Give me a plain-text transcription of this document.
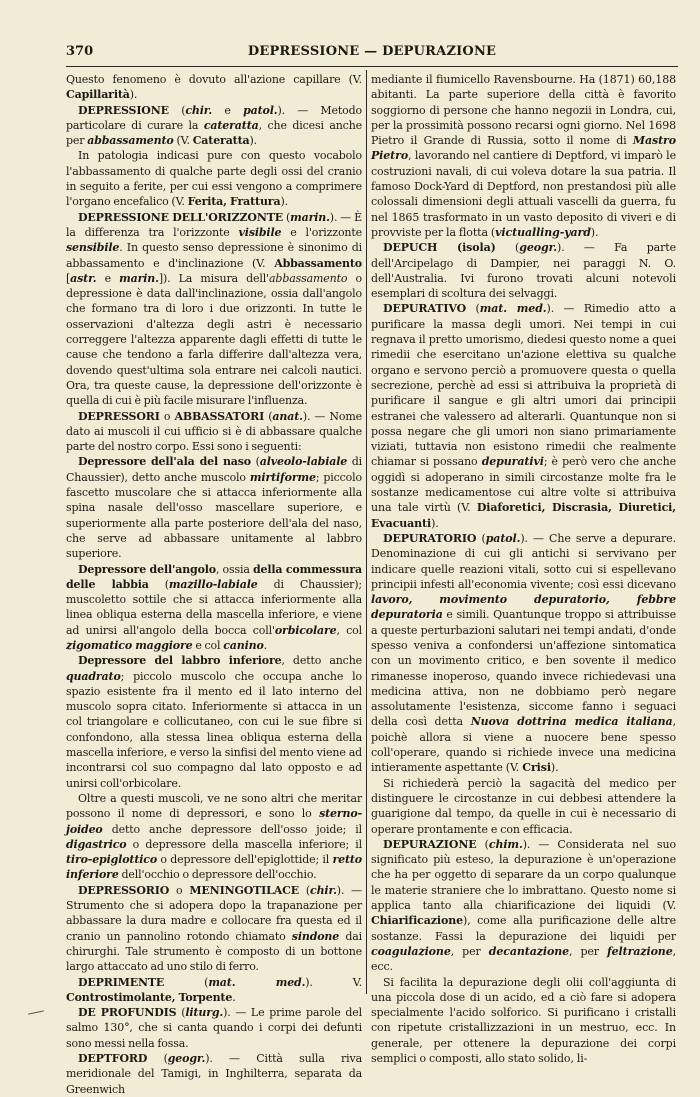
370	DEPRESSIONE — DEPURAZIONE

Questo fenomeno è dovuto all'azione capillare (V. Capillarità).

DEPRESSIONE (chir. e patol.). — Metodo particolare di curare la cateratta, che dicesi anche per abbassamento (V. Cateratta).

In patologia indicasi pure con questo vocabolo l'abbassamento di qualche parte degli ossi del cranio in seguito a ferite, per cui essi vengono a comprimere l'organo encefalico (V. Ferita, Frattura).

DEPRESSIONE DELL'ORIZZONTE (marin.). — È la differenza tra l'orizzonte visibile e l'orizzonte sensibile. In questo senso depressione è sinonimo di abbassamento e d'inclinazione (V. Abbassamento [astr. e marin.]). La misura dell'abbassamento o depressione è data dall'inclinazione, ossia dall'angolo che formano tra di loro i due orizzonti. In tutte le osservazioni d'altezza degli astri è necessario correggere l'altezza apparente dagli effetti di tutte le cause che tendono a farla differire dall'altezza vera, dovendo quest'ultima sola entrare nei calcoli nautici. Ora, tra queste cause, la depressione dell'orizzonte è quella di cui è più facile misurare l'influenza.

DEPRESSORI o ABBASSATORI (anat.). — Nome dato ai muscoli il cui ufficio si è di abbassare qualche parte del nostro corpo. Essi sono i seguenti:

Depressore dell'ala del naso (alveolo-labiale di Chaussier), detto anche muscolo mirtiforme; piccolo fascetto muscolare che si attacca inferiormente alla spina nasale dell'osso mascellare superiore, e superiormente alla parte posteriore dell'ala del naso, che serve ad abbassare unitamente al labbro superiore.

Depressore dell'angolo, ossia della commessura delle labbia (mazillo-labiale di Chaussier); muscoletto sottile che si attacca inferiormente alla linea obliqua esterna della mascella inferiore, e viene ad unirsi all'angolo della bocca coll'orbicolare, col zigomatico maggiore e col canino.

Depressore del labbro inferiore, detto anche quadrato; piccolo muscolo che occupa anche lo spazio esistente fra il mento ed il lato interno del muscolo sopra citato. Inferiormente si attacca in un col triangolare e collicutaneo, con cui le sue fibre si confondono, alla stessa linea obliqua esterna della mascella inferiore, e verso la sinfisi del mento viene ad incontrarsi col suo compagno dal lato opposto e ad unirsi coll'orbicolare.

Oltre a questi muscoli, ve ne sono altri che meritar possono il nome di depressori, e sono lo sterno-joideo detto anche depressore dell'osso joide; il digastrico o depressore della mascella inferiore; il tiro-epiglottico o depressore dell'epiglottide; il retto inferiore dell'occhio o depressore dell'occhio.

DEPRESSORIO o MENINGOTILACE (chir.). — Strumento che si adopera dopo la trapanazione per abbassare la dura madre e collocare fra questa ed il cranio un pannolino rotondo chiamato sindone dai chirurghi. Tale strumento è composto di un bottone largo attaccato ad uno stilo di ferro.

DEPRIMENTE (mat. med.). V. Controstimolante, Torpente.

DE PROFUNDIS (liturg.). — Le prime parole del salmo 130°, che si canta quando i corpi dei defunti sono messi nella fossa.

DEPTFORD (geogr.). — Città sulla riva meridionale del Tamigi, in Inghilterra, separata da Greenwich

mediante il fiumicello Ravensbourne. Ha (1871) 60,188 abitanti. La parte superiore della città è favorito soggiorno di persone che hanno negozii in Londra, cui, per la prossimità possono recarsi ogni giorno. Nel 1698 Pietro il Grande di Russia, sotto il nome di Mastro Pietro, lavorando nel cantiere di Deptford, vi imparò le costruzioni navali, di cui voleva dotare la sua patria. Il famoso Dock-Yard di Deptford, non prestandosi più alle colossali dimensioni degli attuali vascelli da guerra, fu nel 1865 trasformato in un vasto deposito di viveri e di provviste per la flotta (victualling-yard).

DEPUCH (isola) (geogr.). — Fa parte dell'Arcipelago di Dampier, nei paraggi N. O. dell'Australia. Ivi furono trovati alcuni notevoli esemplari di scoltura dei selvaggi.

DEPURATIVO (mat. med.). — Rimedio atto a purificare la massa degli umori. Nei tempi in cui regnava il pretto umorismo, diedesi questo nome a quei rimedii che esercitano un'azione elettiva su qualche organo e servono perciò a promuovere questa o quella secrezione, perchè ad essi si attribuiva la proprietà di purificare il sangue e gli altri umori dai principii estranei che valessero ad alterarli. Quantunque non si possa negare che gli umori non siano primariamente viziati, tuttavia non esistono rimedii che realmente chiamar si possano depurativi; è però vero che anche oggidì si adoperano in simili circostanze molte fra le sostanze medicamentose cui altre volte si attribuiva una tale virtù (V. Diaforetici, Discrasia, Diuretici, Evacuanti).

DEPURATORIO (patol.). — Che serve a depurare. Denominazione di cui gli antichi si servivano per indicare quelle reazioni vitali, sotto cui si espellevano principii infesti all'economia vivente; così essi dicevano lavoro, movimento depuratorio, febbre depuratoria e simili. Quantunque troppo si attribuisse a queste perturbazioni salutari nei tempi andati, d'onde spesso veniva a confondersi un'affezione sintomatica con un movimento critico, e ben sovente il medico rimanesse inoperoso, quando invece richiedevasi una medicina attiva, non ne dobbiamo però negare assolutamente l'esistenza, siccome fanno i seguaci della così detta Nuova dottrina medica italiana, poichè allora si viene a nuocere bene spesso coll'operare, quando si richiede invece una medicina intieramente aspettante (V. Crisi).

Si richiederà perciò la sagacità del medico per distinguere le circostanze in cui debbesi attendere la guarigione dal tempo, da quelle in cui è necessario di operare prontamente e con efficacia.

DEPURAZIONE (chim.). — Considerata nel suo significato più esteso, la depurazione è un'operazione che ha per oggetto di separare da un corpo qualunque le materie straniere che lo imbrattano. Questo nome si applica tanto alla chiarificazione dei liquidi (V. Chiarificazione), come alla purificazione delle altre sostanze. Fassi la depurazione dei liquidi per coagulazione, per decantazione, per feltrazione, ecc.

Si facilita la depurazione degli olii coll'aggiunta di una piccola dose di un acido, ed a ciò fare si adopera specialmente l'acido solforico. Si purificano i cristalli con ripetute cristallizzazioni in un mestruo, ecc. In generale, per ottenere la depurazione dei corpi semplici o composti, allo stato solido, li-
